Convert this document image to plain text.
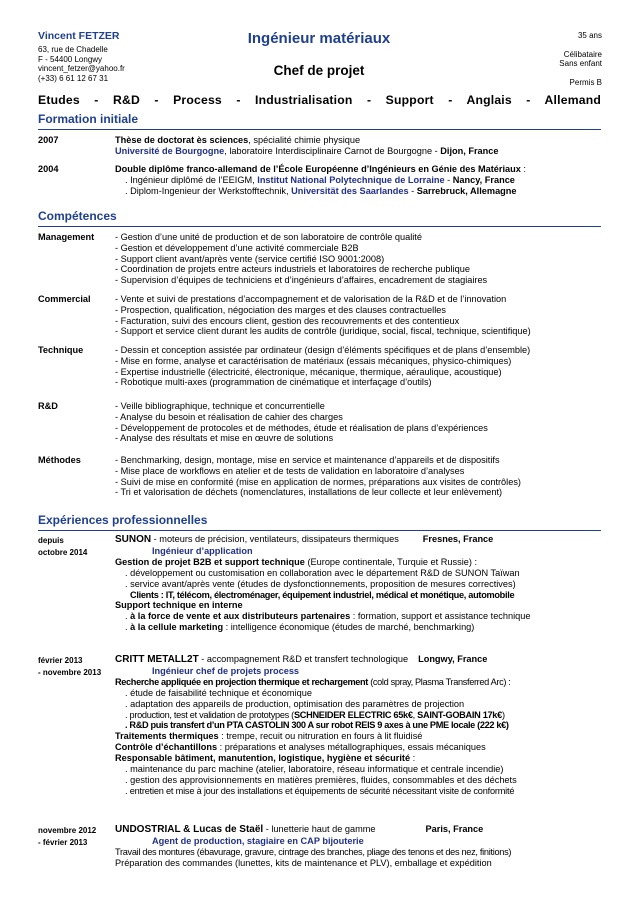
Vincent FETZER
63, rue de Chadelle
F - 54400 Longwy
vincent_fetzer@yahoo.fr
(+33) 6 61 12 67 31
Ingénieur matériaux
Chef de projet
35 ans
Célibataire
Sans enfant
Permis B
Etudes - R&D - Process - Industrialisation - Support - Anglais - Allemand
Formation initiale
2007	Thèse de doctorat ès sciences, spécialité chimie physique
Université de Bourgogne, laboratoire Interdisciplinaire Carnot de Bourgogne - Dijon, France
2004	Double diplôme franco-allemand de l’École Européenne d’Ingénieurs en Génie des Matériaux :
. Ingénieur diplômé de l’EEIGM, Institut National Polytechnique de Lorraine - Nancy, France
. Diplom-Ingenieur der Werkstofftechnik, Universität des Saarlandes - Sarrebruck, Allemagne
Compétences
Management - Gestion d’une unité de production et de son laboratoire de contrôle qualité
- Gestion et développement d’une activité commerciale B2B
- Support client avant/après vente (service certifié ISO 9001:2008)
- Coordination de projets entre acteurs industriels et laboratoires de recherche publique
- Supervision d’équipes de techniciens et d’ingénieurs d’affaires, encadrement de stagiaires
Commercial	- Vente et suivi de prestations d’accompagnement et de valorisation de la R&D et de l’innovation
- Prospection, qualification, négociation des marges et des clauses contractuelles
- Facturation, suivi des encours client, gestion des recouvrements et des contentieux
- Support et service client durant les audits de contrôle (juridique, social, fiscal, technique, scientifique)
Technique	- Dessin et conception assistée par ordinateur (design d’éléments spécifiques et de plans d’ensemble)
- Mise en forme, analyse et caractérisation de matériaux (essais mécaniques, physico-chimiques)
- Expertise industrielle (électricité, électronique, mécanique, thermique, aéraulique, acoustique)
- Robotique multi-axes (programmation de cinématique et interfaçage d’outils)
R&D	- Veille bibliographique, technique et concurrentielle
- Analyse du besoin et réalisation de cahier des charges
- Développement de protocoles et de méthodes, étude et réalisation de plans d’expériences
- Analyse des résultats et mise en œuvre de solutions
Méthodes	- Benchmarking, design, montage, mise en service et maintenance d’appareils et de dispositifs
- Mise place de workflows en atelier et de tests de validation en laboratoire d’analyses
- Suivi de mise en conformité (mise en application de normes, préparations aux visites de contrôles)
- Tri et valorisation de déchets (nomenclatures, installations de leur collecte et leur enlèvement)
Expériences professionnelles
depuis
octobre 2014
SUNON - moteurs de précision, ventilateurs, dissipateurs thermiques	Fresnes, France
Ingénieur d’application
Gestion de projet B2B et support technique (Europe continentale, Turquie et Russie) :
. développement ou customisation en collaboration avec le département R&D de SUNON Taïwan
. service avant/après vente (études de dysfonctionnements, proposition de mesures correctives)
Clients : IT, télécom, électroménager, équipement industriel, médical et monétique, automobile
Support technique en interne
. à la force de vente et aux distributeurs partenaires : formation, support et assistance technique
. à la cellule marketing : intelligence économique (études de marché, benchmarking)
février 2013
- novembre 2013
CRITT METALL2T - accompagnement R&D et transfert technologique Longwy, France
Ingénieur chef de projets process
Recherche appliquée en projection thermique et rechargement (cold spray, Plasma Transferred Arc) :
. étude de faisabilité technique et économique
. adaptation des appareils de production, optimisation des paramètres de projection
. production, test et validation de prototypes (SCHNEIDER ELECTRIC 65k€, SAINT-GOBAIN 17k€)
. R&D puis transfert d’un PTA CASTOLIN 300 A sur robot REIS 9 axes à une PME locale (222 k€)
Traitements thermiques : trempe, recuit ou nitruration en fours à lit fluidisé
Contrôle d’échantillons : préparations et analyses métallographiques, essais mécaniques
Responsable bâtiment, manutention, logistique, hygiène et sécurité :
. maintenance du parc machine (atelier, laboratoire, réseau informatique et centrale incendie)
. gestion des approvisionnements en matières premières, fluides, consommables et des déchets
. entretien et mise à jour des installations et équipements de sécurité nécessitant visite de conformité
novembre 2012
- février 2013
UNDOSTRIAL & Lucas de Staël - lunetterie haut de gamme	Paris, France
Agent de production, stagiaire en CAP bijouterie
Travail des montures (ébavurage, gravure, cintrage des branches, pliage des tenons et des nez, finitions)
Préparation des commandes (lunettes, kits de maintenance et PLV), emballage et expédition
